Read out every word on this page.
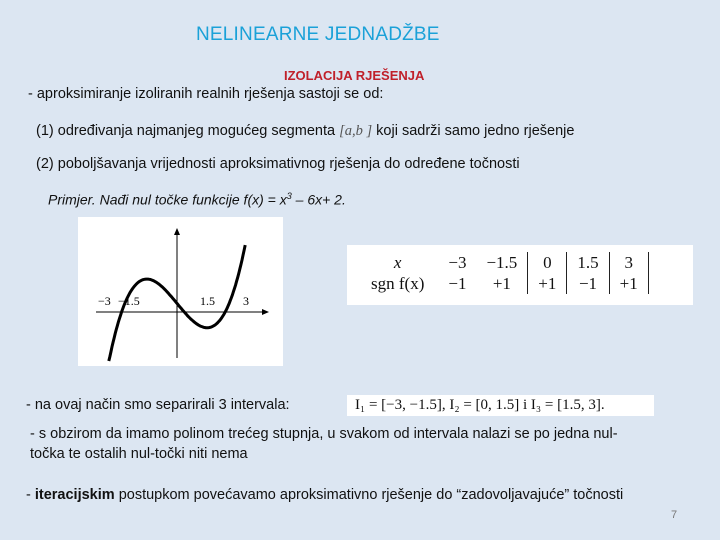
NELINEARNE JEDNADŽBE
IZOLACIJA RJEŠENJA
- aproksimiranje izoliranih realnih rješenja sastoji se od:
(1) određivanja najmanjeg mogućeg segmenta [a,b ] koji sadrži samo jedno rješenje
(2) poboljšavanja vrijednosti aproksimativnog rješenja do određene točnosti
Primjer. Nađi nul točke funkcije $f(x) = x^3 - 6x+ 2$.
−3 −1.5	1.5 3
x	−3	−1.5	0	1.5	3
sgn f(x)	−1	+1	+1	−1	+1
- na ovaj način smo separirali 3 intervala:	I₁ = [−3, −1.5], I₂ = [0, 1.5] i I₃ = [1.5, 3].
- s obzirom da imamo polinom trećeg stupnja, u svakom od intervala nalazi se po jedna nul-
točka te ostalih nul-točki niti nema
- iteracijskim postupkom povećavamo aproksimativno rješenje do “zadovoljavajuće” točnosti
7
